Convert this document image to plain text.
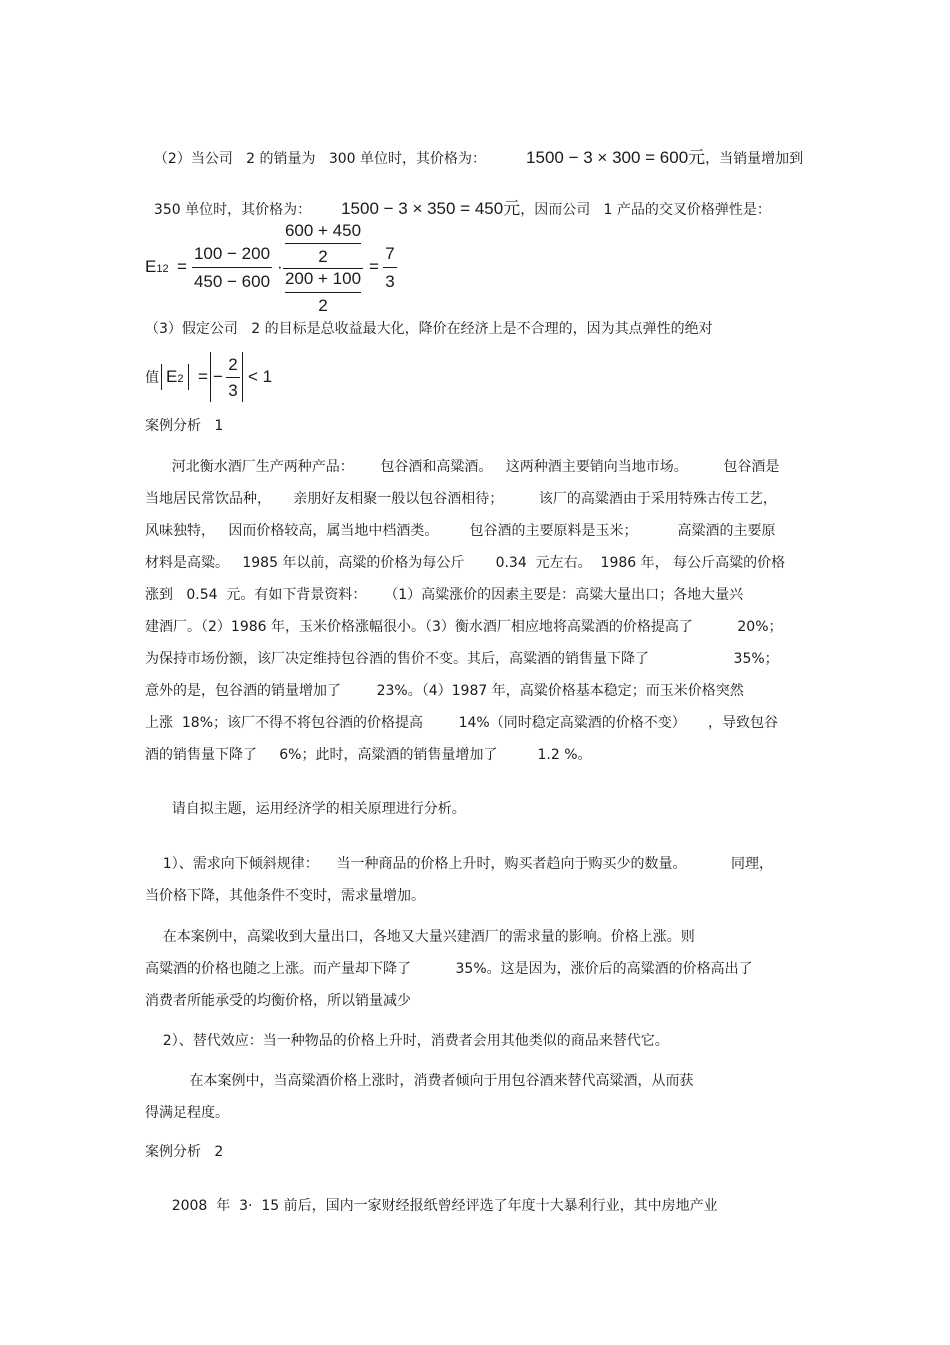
（2）当公司   2 的销量为   300 单位时，其价格为： 1500 − 3 × 300 = 600元，当销量增加到

350 单位时，其价格为： 1500 − 3 × 350 = 450元，因而公司   1 产品的交叉价格弹性是：

E12 =
100 − 200
450 − 600
·
600 + 450
2
200 + 100
2
=
7
3
（3）假定公司   2 的目标是总收益最大化，降价在经济上是不合理的，因为其点弹性的绝对
值 E2 = −
2
3
< 1
案例分析   1
河北衡水酒厂生产两种产品：      包谷酒和高粱酒。   这两种酒主要销向当地市场。        包谷酒是
当地居民常饮品种，     亲朋好友相聚一般以包谷酒相待；        该厂的高粱酒由于采用特殊古传工艺，
风味独特，   因而价格较高，属当地中档酒类。       包谷酒的主要原料是玉米；         高粱酒的主要原
材料是高粱。   1985 年以前，高粱的价格为每公斤       0.34  元左右。  1986 年， 每公斤高粱的价格
涨到   0.54  元。有如下背景资料：    （1）高粱涨价的因素主要是：高粱大量出口；各地大量兴
建酒厂。（2）1986 年，玉米价格涨幅很小。（3）衡水酒厂相应地将高粱酒的价格提高了          20%；
为保持市场份额，该厂决定维持包谷酒的售价不变。其后，高粱酒的销售量下降了                   35%；
意外的是，包谷酒的销量增加了        23%。（4）1987 年，高粱价格基本稳定；而玉米价格突然
上涨  18%；该厂不得不将包谷酒的价格提高        14%（同时稳定高粱酒的价格不变）     ，导致包谷
酒的销售量下降了     6%；此时，高粱酒的销售量增加了         1.2 %。
请自拟主题，运用经济学的相关原理进行分析。
1）、需求向下倾斜规律：    当一种商品的价格上升时，购买者趋向于购买少的数量。          同理，
当价格下降，其他条件不变时，需求量增加。
在本案例中，高粱收到大量出口，各地又大量兴建酒厂的需求量的影响。价格上涨。则
高粱酒的价格也随之上涨。而产量却下降了          35%。这是因为，涨价后的高粱酒的价格高出了
消费者所能承受的均衡价格，所以销量减少
2）、替代效应：当一种物品的价格上升时，消费者会用其他类似的商品来替代它。
在本案例中，当高粱酒价格上涨时，消费者倾向于用包谷酒来替代高粱酒，从而获
得满足程度。
案例分析   2
2008  年  3·  15 前后，国内一家财经报纸曾经评选了年度十大暴利行业，其中房地产业
